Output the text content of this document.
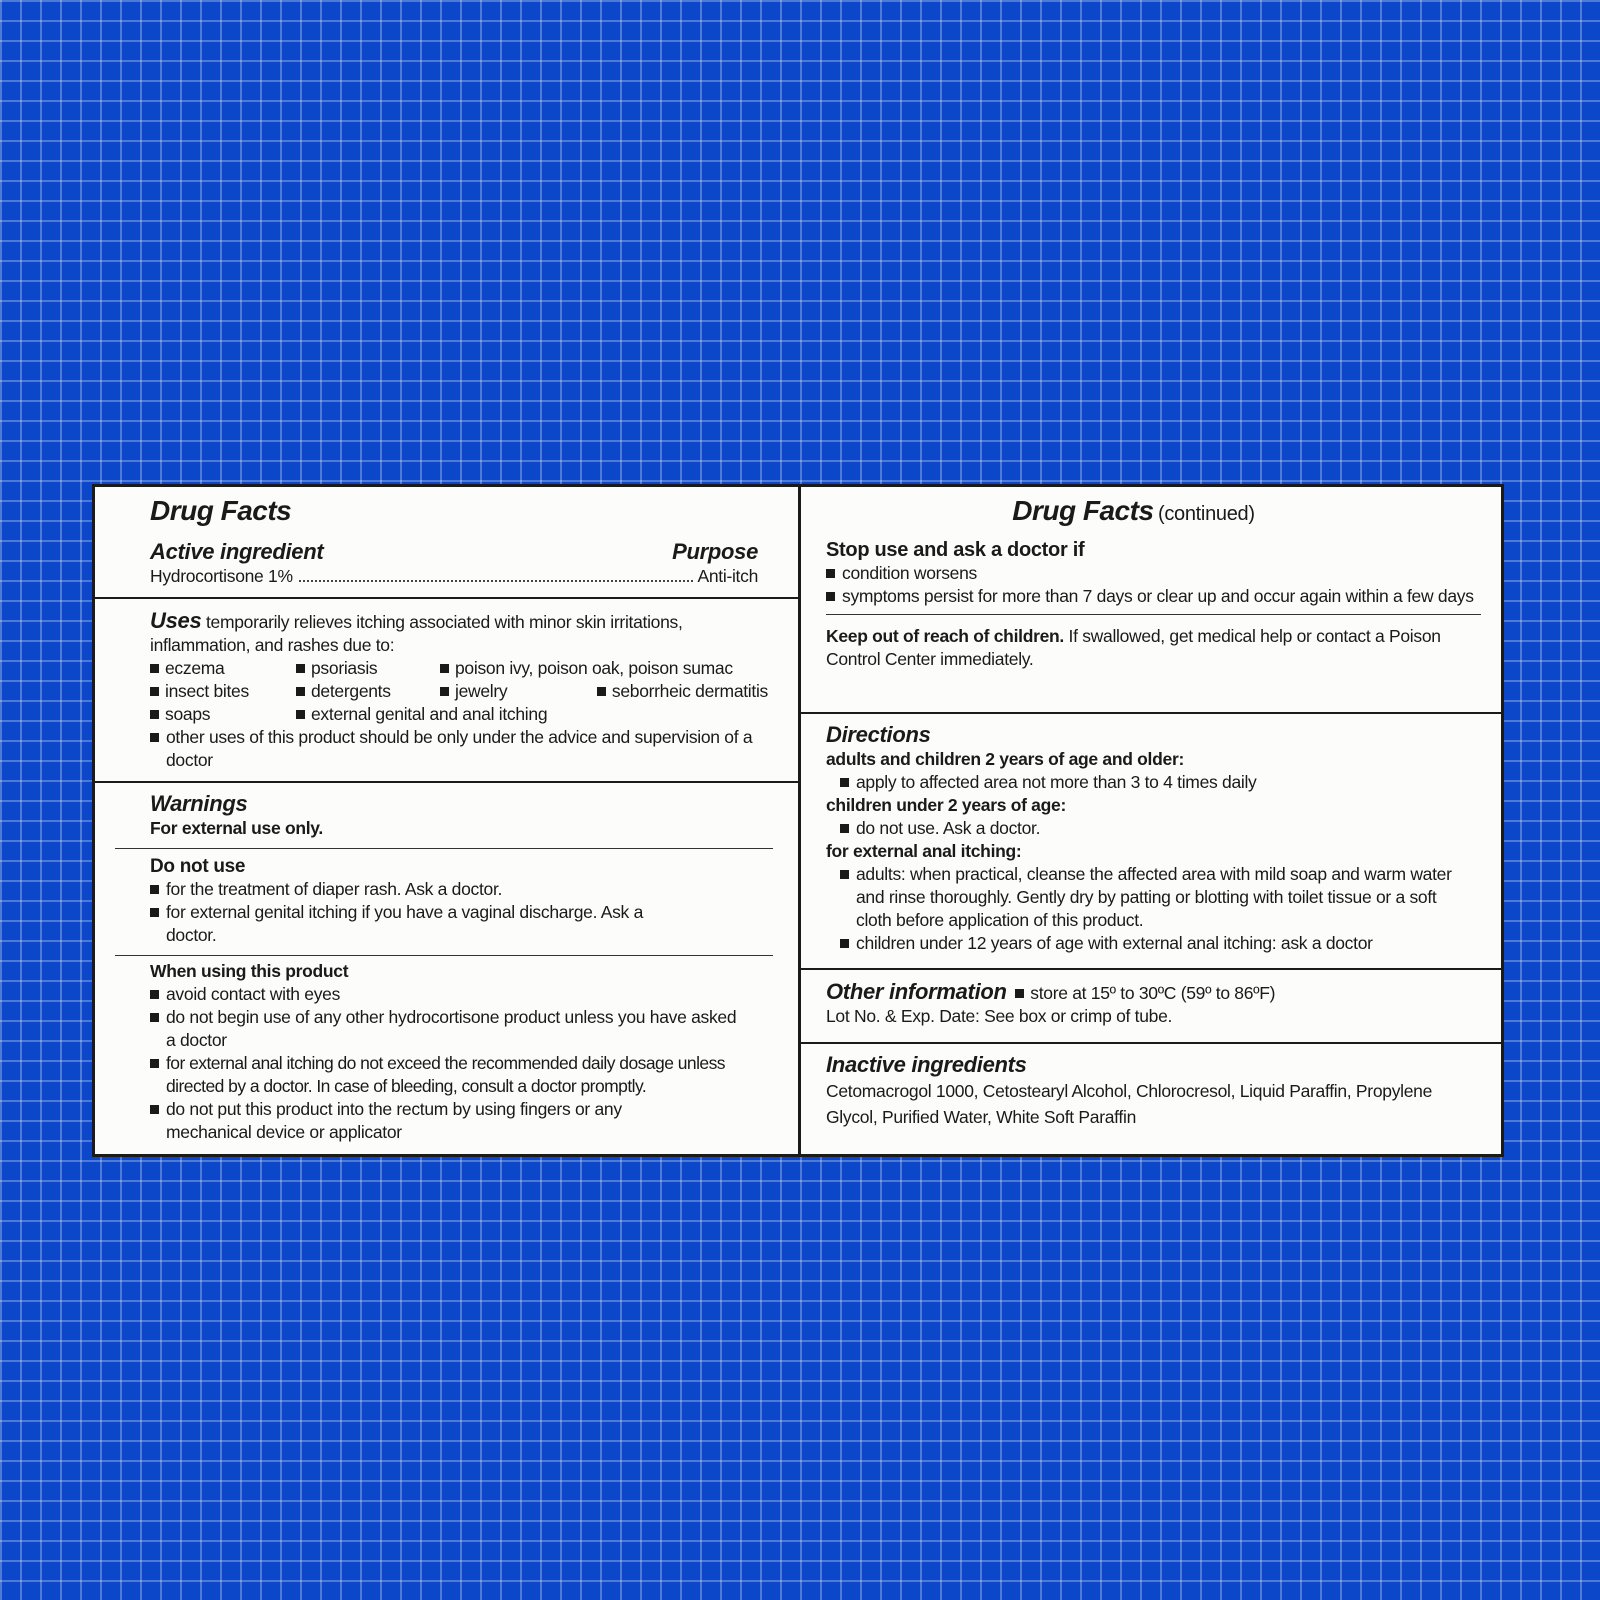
Drug Facts
Active ingredient	Purpose
Hydrocortisone 1%	Anti-itch
Uses temporarily relieves itching associated with minor skin irritations, inflammation, and rashes due to:
eczema	psoriasis	poison ivy, poison oak, poison sumac
insect bites	detergents	jewelry	seborrheic dermatitis
soaps	external genital and anal itching
other uses of this product should be only under the advice and supervision of a doctor
Warnings
For external use only.
Do not use
for the treatment of diaper rash. Ask a doctor.
for external genital itching if you have a vaginal discharge. Ask a doctor.
When using this product
avoid contact with eyes
do not begin use of any other hydrocortisone product unless you have asked a doctor
for external anal itching do not exceed the recommended daily dosage unless directed by a doctor. In case of bleeding, consult a doctor promptly.
do not put this product into the rectum by using fingers or any mechanical device or applicator
Drug Facts (continued)
Stop use and ask a doctor if
condition worsens
symptoms persist for more than 7 days or clear up and occur again within a few days
Keep out of reach of children. If swallowed, get medical help or contact a Poison Control Center immediately.
Directions
adults and children 2 years of age and older:
apply to affected area not more than 3 to 4 times daily
children under 2 years of age:
do not use. Ask a doctor.
for external anal itching:
adults: when practical, cleanse the affected area with mild soap and warm water and rinse thoroughly. Gently dry by patting or blotting with toilet tissue or a soft cloth before application of this product.
children under 12 years of age with external anal itching: ask a doctor
Other information store at 15º to 30ºC (59º to 86ºF)
Lot No. & Exp. Date: See box or crimp of tube.
Inactive ingredients
Cetomacrogol 1000, Cetostearyl Alcohol, Chlorocresol, Liquid Paraffin, Propylene Glycol, Purified Water, White Soft Paraffin
